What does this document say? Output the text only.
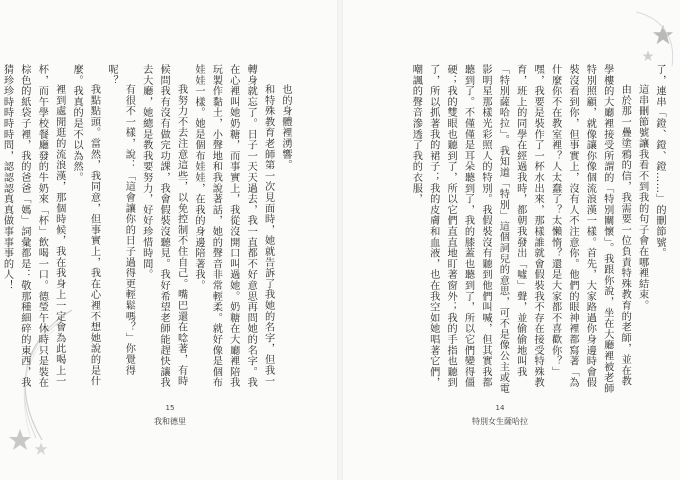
也的身體裡湧響。

和特殊教育老師第一次見面時，她就告訴了我她的名字，但我一轉身就忘了。日子一天天過去，我一直都不好意思再問她的名字。我在心裡叫她奶糖，而事實上，我從沒開口叫過她。奶糖在大廳裡陪我玩製作黏土，小聲地和我說著話，她的聲音非常輕柔。就好像是個布娃娃一樣。她是個布娃娃，在我的身邊陪著我。

我努力不去注意這些，以免控制不住自己。嘴巴還在唸著，有時候問我有沒有做完功課，我會假裝沒聽見。我好希望老師能趕快讓我去大廳，她總是教我要努力，好好珍惜時間。

有很不一樣，說：「這會讓你的日子過得更輕鬆嗎？」你覺得呢？

我點點頭。當然，我同意，但事實上，我在心裡不想她說的是什麼。我真的是不以為然。

裡到處閒逛的流浪漢，那個時候，我在我身上一定會為此喝上一杯，而午學校餐廳發的牛奶來「杯」飲喝一口。德瑩午休時只是裝在棕色的紙袋子裡，我的爸爸「媽」詞彙都是：敬那種細碎的東西，我猜珍珍時時時時問，認認認真真做事事事的人！

15
我和德里

了，連串「鐙、鐙、鐙……」的刪節號。

這串刪節號讓我看不到我的句子會在哪裡結束。

由於那一疊塗鴉的信，我需要一位負責特殊教育的老師，並在教學樓的大廳裡接受所謂的「特別關懷」。我跟你說，坐在大廳裡被老師特別照顧，就像讓你像個流浪漢一樣。首先，大家路過你身邊時會假裝沒看到你，但事實上，沒有人不注意你。他們的眼神裡都寫著「為什麼你不在教室裡？人太蠢了？太懶惰？還是大家都不喜歡你？」嘿，我要是裝作了一杯水出來，那樣誰就會假裝我不存在接受特殊教育，班上的同學在經過我時，都朝我發出「噓」聲，並偷偷地叫我「特別薩哈拉」。我知道「特別」這個詞兒的意思，可不是像公主或電影明星那樣光彩照人的特別。我假裝沒有聽到他們叫喊，但其實我都聽到了。不僅僅是耳朵聽到了，我的膝蓋也聽到了，所以它們變得僵硬；我的雙眼也聽到了，所以它們直直地盯著窗外；我的手指也聽到了，所以抓著我的裙子；我的皮膚和血液，也在我空如她唱著它們，嘲諷的聲音滲透了我的衣服，

14
特別女生薩哈拉
